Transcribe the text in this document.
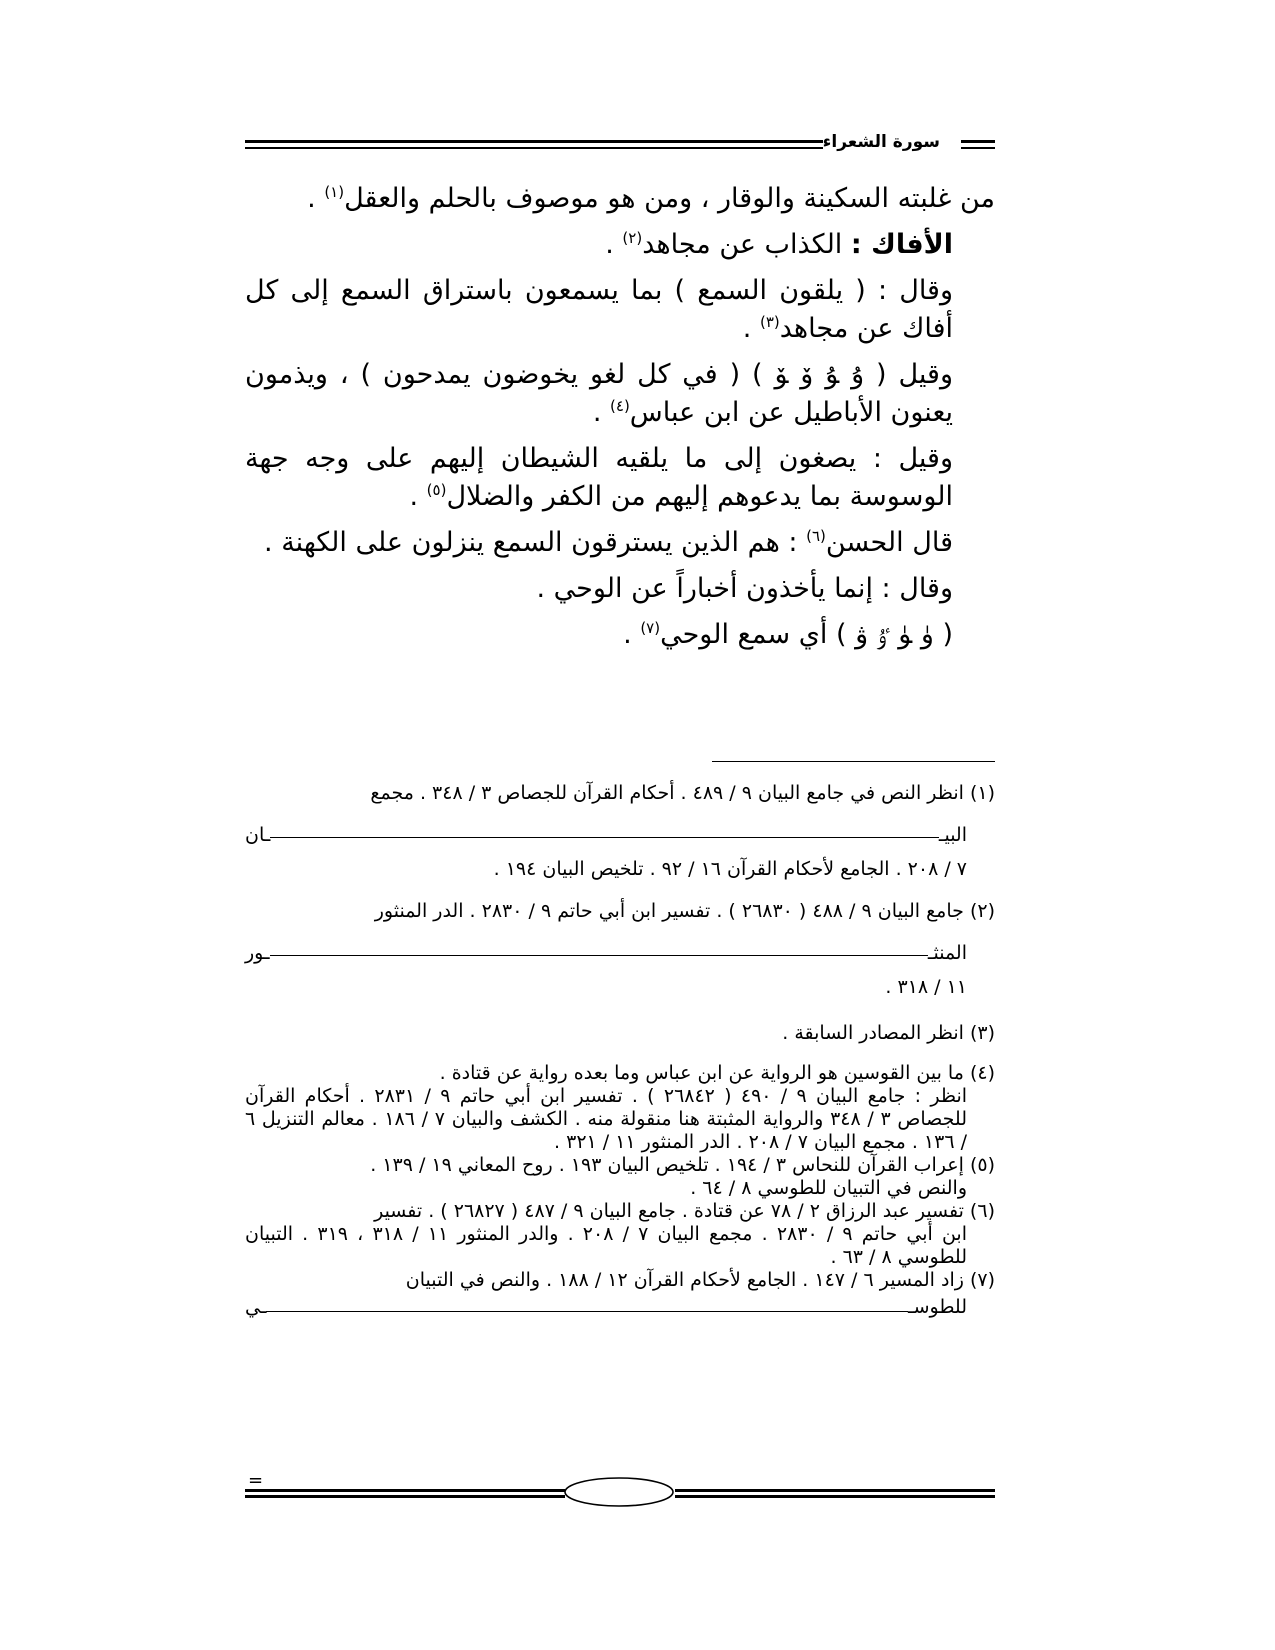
سورة الشعراء

من غلبته السكينة والوقار ، ومن هو موصوف بالحلم والعقل$^{(١)}$ .

الأفاك : الكذاب عن مجاهد$^{(٢)}$ .

وقال : ( يلقون السمع ) بما يسمعون باستراق السمع إلى كل أفاك عن مجاهد$^{(٣)}$ .

وقيل ( ﯗ ﯘ ﯙ ﯚ ) ( في كل لغو يخوضون يمدحون ) ، ويذمون يعنون الأباطيل عن ابن عباس$^{(٤)}$ .

وقيل : يصغون إلى ما يلقيه الشيطان إليهم على وجه جهة الوسوسة بما يدعوهم إليهم من الكفر والضلال$^{(٥)}$ .

قال الحسن$^{(٦)}$ : هم الذين يسترقون السمع ينزلون على الكهنة .

وقال : إنما يأخذون أخباراً عن الوحي .

( ﯛ ﯜ ﯝ ﯞ ) أي سمع الوحي$^{(٧)}$ .

(١) انظر النص في جامع البيان ٩ / ٤٨٩ . أحكام القرآن للجصاص ٣ / ٣٤٨ . مجمع

البيـ
ـان

٧ / ٢٠٨ . الجامع لأحكام القرآن ١٦ / ٩٢ . تلخيص البيان ١٩٤ .

(٢) جامع البيان ٩ / ٤٨٨ ( ٢٦٨٣٠ ) . تفسير ابن أبي حاتم ٩ / ٢٨٣٠ . الدر المنثور

المنثـ
ـور

١١ / ٣١٨ .

(٣) انظر المصادر السابقة .

(٤) ما بين القوسين هو الرواية عن ابن عباس وما بعده رواية عن قتادة .

انظر : جامع البيان ٩ / ٤٩٠ ( ٢٦٨٤٢ ) . تفسير ابن أبي حاتم ٩ / ٢٨٣١ . أحكام القرآن للجصاص ٣ / ٣٤٨ والرواية المثبتة هنا منقولة منه . الكشف والبيان ٧ / ١٨٦ . معالم التنزيل ٦ / ١٣٦ . مجمع البيان ٧ / ٢٠٨ . الدر المنثور ١١ / ٣٢١ .

(٥) إعراب القرآن للنحاس ٣ / ١٩٤ . تلخيص البيان ١٩٣ . روح المعاني ١٩ / ١٣٩ .

والنص في التبيان للطوسي ٨ / ٦٤ .

(٦) تفسير عبد الرزاق ٢ / ٧٨ عن قتادة . جامع البيان ٩ / ٤٨٧ ( ٢٦٨٢٧ ) . تفسير

ابن أبي حاتم ٩ / ٢٨٣٠ . مجمع البيان ٧ / ٢٠٨ . والدر المنثور ١١ / ٣١٨ ، ٣١٩ . التبيان للطوسي ٨ / ٦٣ .

(٧) زاد المسير ٦ / ١٤٧ . الجامع لأحكام القرآن ١٢ / ١٨٨ . والنص في التبيان

للطوسـ
ـي
=
